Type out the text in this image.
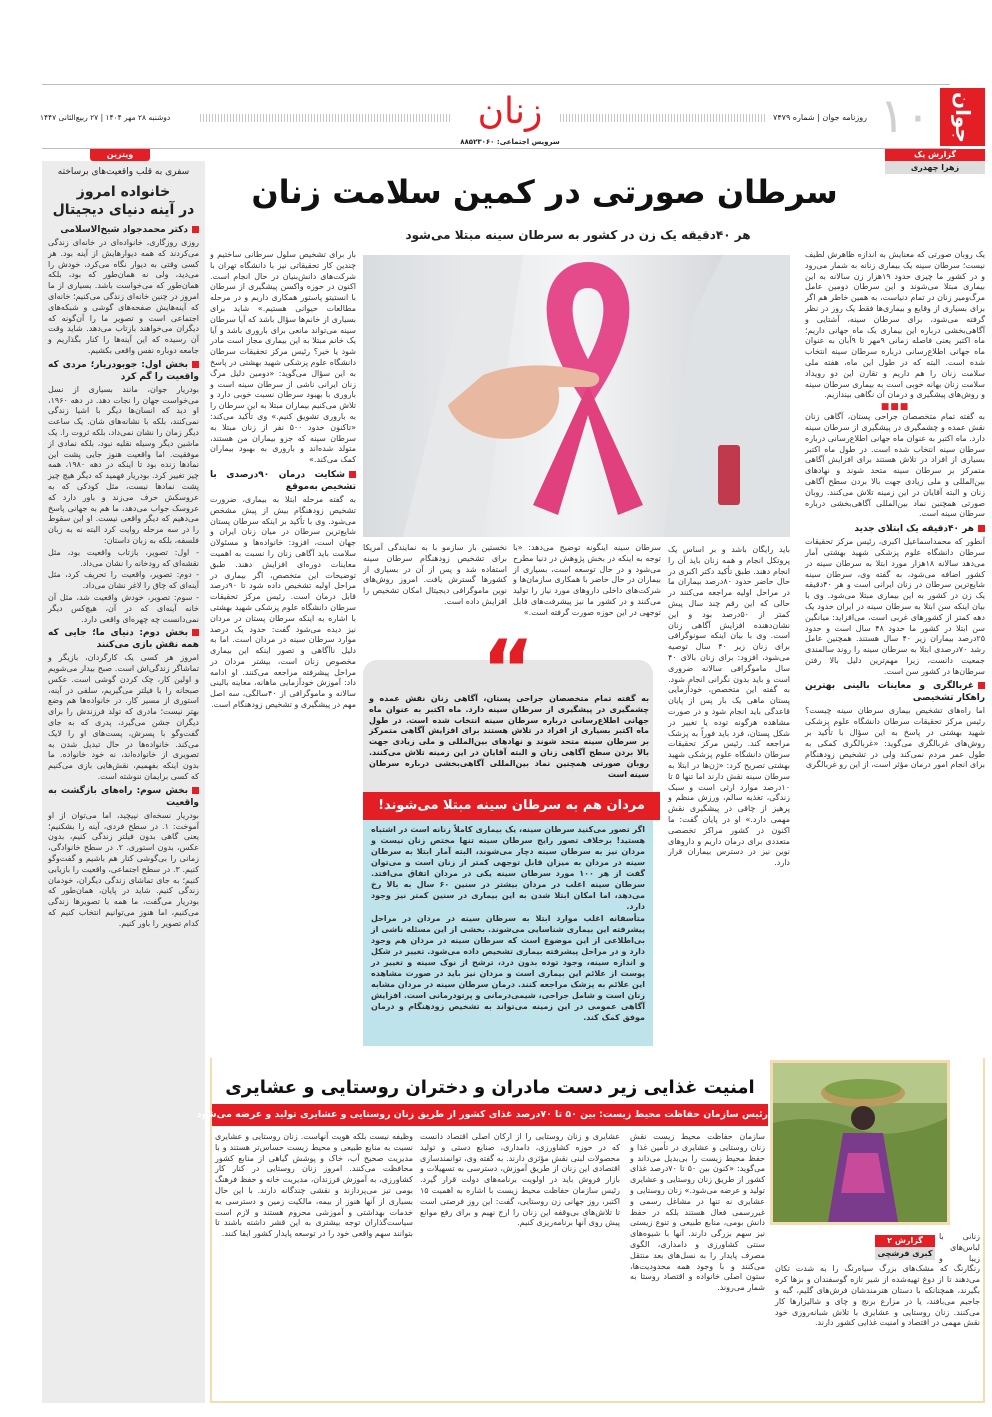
جوان
۱۰
روزنامه جوان | شماره ۷۴۷۹
زنان
سرویس اجتماعی: ۸۸۵۲۳۰۶۰
دوشنبه ۲۸ مهر ۱۴۰۴ | ۲۷ ربیع‌الثانی ۱۴۴۷
ویترین
سفری به قلب واقعیت‌های برساخته
خانواده امروز
در آینه دنیای دیجیتال
دکتر محمدجواد شیخ‌الاسلامی

روزی روزگاری، خانواده‌ای در خانه‌ای زندگی می‌کردند که همه دیوارهایش از آینه بود. هر کسی وقتی به دیوار نگاه می‌کرد، خودش را می‌دید، ولی نه همان‌طور که بود، بلکه همان‌طور که می‌خواست باشد. بسیاری از ما امروز در چنین خانه‌ای زندگی می‌کنیم؛ خانه‌ای که آینه‌هایش صفحه‌های گوشی و شبکه‌های اجتماعی است و تصویر ما را آن‌گونه که دیگران می‌خواهند بازتاب می‌دهد. شاید وقت آن رسیده که این آینه‌ها را کنار بگذاریم و جامعه دوباره نفس واقعی بکشیم.

بخش اول: جوبودریار؛ مردی که واقعیت را گم کرد

بودریار جوان، مانند بسیاری از نسل می‌خواست جهان را نجات دهد. در دهه ۱۹۶۰، او دید که انسان‌ها دیگر با اشیا زندگی نمی‌کنند، بلکه با نشانه‌های شان. یک ساعت دیگر زمان را نشان نمی‌داد، بلکه ثروت را. یک ماشین دیگر وسیله نقلیه نبود، بلکه نمادی از موفقیت. اما واقعیت هنوز جایی پشت این نمادها زنده بود تا اینکه در دهه ۱۹۸۰، همه چیز تغییر کرد. بودریار فهمید که دیگر هیچ چیز پشت نمادها نیست، مثل کودکی که به عروسکش حرف می‌زند و باور دارد که عروسک جواب می‌دهد، ما هم به جهانی پاسخ می‌دهیم که دیگر واقعی نیست. او این سقوط را در سه مرحله روایت کرد البته نه به زبان فلسفه، بلکه به زبان داستان:

- اول: تصویر، بازتاب واقعیت بود، مثل نقشه‌ای که رودخانه را نشان می‌داد.

- دوم: تصویر، واقعیت را تحریف کرد، مثل آینه‌ای که چاق را لاغر نشان می‌داد.

- سوم: تصویر، خودش واقعیت شد، مثل آن خانه آینه‌ای که در آن، هیچ‌کس دیگر نمی‌دانست چه چهره‌ای واقعی دارد.

بخش دوم: دنیای ما؛ جایی که همه نقش بازی می‌کنند

امروز هر کسی یک کارگردان، بازیگر و تماشاگر زندگی‌اش است. صبح بیدار می‌شویم و اولین کار، چک کردن گوشی است. عکس صبحانه را با فیلتر می‌گیریم، سلفی در آینه، استوری از مسیر کار. در خانواده‌ها هم وضع بهتر نیست؛ مادری که تولد فرزندش را برای دیگران جشن می‌گیرد، پدری که به جای گفت‌وگو با پسرش، پست‌های او را لایک می‌کند. خانواده‌ها در حال تبدیل شدن به تصویری از خانواده‌اند، نه خود خانواده. ما بدون اینکه بفهمیم، نقش‌هایی بازی می‌کنیم که کسی برایمان ننوشته است.

بخش سوم: راه‌های بازگشت به واقعیت

بودریار نسخه‌ای نپیچید، اما می‌توان از او آموخت: ۱. در سطح فردی، آینه را بشکنیم؛ یعنی گاهی بدون فیلتر زندگی کنیم، بدون عکس، بدون استوری. ۲. در سطح خانوادگی، زمانی را بی‌گوشی کنار هم باشیم و گفت‌وگو کنیم. ۳. در سطح اجتماعی، واقعیت را بازیابی کنیم؛ به جای تماشای زندگی دیگران، خودمان زندگی کنیم. شاید در پایان، همان‌طور که بودریار می‌گفت، ما همه با تصویرها زندگی می‌کنیم، اما هنوز می‌توانیم انتخاب کنیم که کدام تصویر را باور کنیم.

گزارش یک
زهرا چهدری
سرطان صورتی در کمین سلامت زنان
هر ۴۰دقیقه یک زن در کشور به سرطان سینه مبتلا می‌شود

یک روبان صورتی که معنایش به اندازه ظاهرش لطیف نیست؛ سرطان سینه یک بیماری زنانه به شمار می‌رود و در کشور ما چیزی حدود ۱۹هزار زن سالانه به این بیماری مبتلا می‌شوند و این سرطان دومین عامل مرگ‌ومیر زنان در تمام دنیاست، به همین خاطر هم اگر برای بسیاری از وقایع و بیماری‌ها فقط یک روز در نظر گرفته می‌شود، برای سرطان سینه، آشتایی و آگاهی‌بخشی درباره این بیماری یک ماه جهانی داریم؛ ماه اکتبر یعنی فاصله زمانی ۹مهر تا ۹آبان به عنوان ماه جهانی اطلاع‌رسانی درباره سرطان سینه انتخاب شده است. البته که در طول این ماه، هفته ملی سلامت زنان را هم داریم و تقارن این دو رویداد سلامت زنان بهانه خوبی است به بیماری سرطان سینه و روش‌های پیشگیری و درمان آن نگاهی بیندازیم.

■■■

به گفته تمام متخصصان جراحی پستان، آگاهی زنان نقش عمده و چشمگیری در پیشگیری از سرطان سینه دارد. ماه اکتبر به عنوان ماه جهانی اطلاع‌رسانی درباره سرطان سینه انتخاب شده است. در طول ماه اکتبر بسیاری از افراد در تلاش هستند برای افزایش آگاهی متمرکز بر سرطان سینه متحد شوند و نهادهای بین‌المللی و ملی زیادی جهت بالا بردن سطح آگاهی زنان و البته آقایان در این زمینه تلاش می‌کنند. روبان صورتی همچنین نماد بین‌المللی آگاهی‌بخشی درباره سرطان سینه است.

هر ۴۰دقیقه یک ابتلای جدید

آنطور که محمداسماعیل اکبری، رئیس مرکز تحقیقات سرطان دانشگاه علوم پزشکی شهید بهشتی آمار می‌دهد سالانه ۱۸هزار مورد ابتلا به سرطان سینه در کشور اضافه می‌شود، به گفته وی، سرطان سینه شایع‌ترین سرطان در زنان ایرانی است و هر ۴۰دقیقه یک زن در کشور به این بیماری مبتلا می‌شود. وی با بیان اینکه سن ابتلا به سرطان سینه در ایران حدود یک دهه کمتر از کشورهای غربی است، می‌افزاید: میانگین سن ابتلا در کشور ما حدود ۴۸ سال است و حدود ۲۵درصد بیماران زیر ۴۰ سال هستند. همچنین عامل رشد ۷۰درصدی ابتلا به سرطان سینه را روند سالمندی جمعیت دانست، زیرا مهم‌ترین دلیل بالا رفتن سرطان‌ها در کشور سن است.

غربالگری و معاینات بالینی بهترین راهکار تشخیصی

اما راه‌های تشخیص بیماری سرطان سینه چیست؟ رئیس مرکز تحقیقات سرطان دانشگاه علوم پزشکی شهید بهشتی در پاسخ به این سؤال با تأکید بر روش‌های غربالگری می‌گوید: «غربالگری کمکی به طول عمر مردم نمی‌کند ولی در تشخیص زودهنگام برای انجام امور درمان مؤثر است، از این رو غربالگری

بار برای تشخیص سلول سرطانی ساختیم و چندین کار تحقیقاتی نیز با دانشگاه تهران با شرکت‌های دانش‌بنیان در حال انجام است. اکنون در حوزه واکسن پیشگیری از سرطان با انستیتو پاستور همکاری داریم و در مرحله مطالعات حیوانی هستیم.» شاید برای بسیاری از خانم‌ها سؤال باشد که آیا سرطان سینه می‌تواند مانعی برای باروری باشد و آیا یک خانم مبتلا به این بیماری مجاز است مادر شود یا خیر؟ رئیس مرکز تحقیقات سرطان دانشگاه علوم پزشکی شهید بهشتی در پاسخ به این سؤال می‌گوید: «دومین دلیل مرگ زنان ایرانی ناشی از سرطان سینه است و باروری با بهبود سرطان نسبت خوبی دارد و تلاش می‌کنیم بیماران مبتلا به این سرطان را به باروری تشویق کنیم.» وی تأکید می‌کند: «تاکنون حدود ۵۰۰ نفر از زنان مبتلا به سرطان سینه که جزو بیماران من هستند، متولد شده‌اند و باروری به بهبود بیماران کمک می‌کند.»

شکایت درمان ۹۰درصدی با تشخیص به‌موقع

به گفته مرحله ابتلا به بیماری، ضرورت تشخیص زودهنگام بیش از پیش مشخص می‌شود. وی با تأکید بر اینکه سرطان پستان شایع‌ترین سرطان در میان زنان ایران و جهان است، افزود: خانواده‌ها و مسئولان سلامت باید آگاهی زنان را نسبت به اهمیت معاینات دوره‌ای افزایش دهند. طبق توضیحات این متخصص، اگر بیماری در مراحل اولیه تشخیص داده شود تا ۹۰درصد قابل درمان است. رئیس مرکز تحقیقات سرطان دانشگاه علوم پزشکی شهید بهشتی با اشاره به اینکه سرطان پستان در مردان نیز دیده می‌شود گفت: حدود یک درصد موارد سرطان سینه در مردان است. اما به دلیل ناآگاهی و تصور اینکه این بیماری مخصوص زنان است، بیشتر مردان در مراحل پیشرفته مراجعه می‌کنند. او ادامه داد: آموزش خودآزمایی ماهانه، معاینه بالینی سالانه و ماموگرافی از ۴۰سالگی، سه اصل مهم در پیشگیری و تشخیص زودهنگام است.

باید رایگان باشد و بر اساس یک پروتکل انجام و همه زنان باید آن را انجام دهند. طبق تأکید دکتر اکبری در حال حاضر حدود ۸۰درصد بیماران ما در مراحل اولیه مراجعه می‌کنند در حالی که این رقم چند سال پیش کمتر از ۵۰درصد بود و این نشان‌دهنده افزایش آگاهی زنان است. وی با بیان اینکه سونوگرافی برای زنان زیر ۴۰ سال توصیه می‌شود، افزود: برای زنان بالای ۴۰ سال ماموگرافی سالانه ضروری است و باید بدون نگرانی انجام شود. به گفته این متخصص، خودآزمایی پستان ماهی یک بار پس از پایان قاعدگی باید انجام شود و در صورت مشاهده هرگونه توده یا تغییر در شکل پستان، فرد باید فوراً به پزشک مراجعه کند. رئیس مرکز تحقیقات سرطان دانشگاه علوم پزشکی شهید بهشتی تصریح کرد: «ژن‌ها در ابتلا به سرطان سینه نقش دارند اما تنها ۵ تا ۱۰درصد موارد ارثی است و سبک زندگی، تغذیه سالم، ورزش منظم و پرهیز از چاقی در پیشگیری نقش مهمی دارد.» او در پایان گفت: ما اکنون در کشور مراکز تخصصی متعددی برای درمان داریم و داروهای نوین نیز در دسترس بیماران قرار دارد.

سرطان سینه اینگونه توضیح می‌دهد: «با توجه به اینکه در بخش پژوهش در دنیا مطرح می‌شود و در حال توسعه است، بسیاری از بیماران در حال حاضر با همکاری سازمان‌ها و شرکت‌های داخلی داروهای مورد نیاز را تولید می‌کنند و در کشور ما نیز پیشرفت‌های قابل توجهی در این حوزه صورت گرفته است.»

نخستین بار سازمو با به نمایندگی آمریکا برای تشخیص زودهنگام سرطان سینه استفاده شد و پس از آن در بسیاری از کشورها گسترش یافت. امروز روش‌های نوین ماموگرافی دیجیتال امکان تشخیص را افزایش داده است.

“
به گفته تمام متخصصان جراحی پستان، آگاهی زنان نقش عمده و چشمگیری در پیشگیری از سرطان سینه دارد. ماه اکتبر به عنوان ماه جهانی اطلاع‌رسانی درباره سرطان سینه انتخاب شده است. در طول ماه اکتبر بسیاری از افراد در تلاش هستند برای افزایش آگاهی متمرکز بر سرطان سینه متحد شوند و نهادهای بین‌المللی و ملی زیادی جهت بالا بردن سطح آگاهی زنان و البته آقایان در این زمینه تلاش می‌کنند. روبان صورتی همچنین نماد بین‌المللی آگاهی‌بخشی درباره سرطان سینه است
مردان هم به سرطان سینه مبتلا می‌شوند!

اگر تصور می‌کنید سرطان سینه، یک بیماری کاملاً زنانه است در اشتباه هستید! برخلاف تصور رایج سرطان سینه تنها مختص زنان نیست و مردان نیز به سرطان سینه دچار می‌شوند، البته آمار ابتلا به سرطان سینه در مردان به میزان قابل توجهی کمتر از زنان است و می‌توان گفت از هر ۱۰۰ مورد سرطان سینه یکی در مردان اتفاق می‌افتد. سرطان سینه اغلب در مردان بیشتر در سنین ۶۰ سال به بالا رخ می‌دهد، اما امکان ابتلا شدن به این بیماری در سنین کمتر نیز وجود دارد.

متأسفانه اغلب موارد ابتلا به سرطان سینه در مردان در مراحل پیشرفته این بیماری شناسایی می‌شوند. بخشی از این مسئله ناشی از بی‌اطلاعی از این موضوع است که سرطان سینه در مردان هم وجود دارد و در مراحل پیشرفته بیماری تشخیص داده می‌شود. تغییر در شکل و اندازه سینه، وجود توده بدون درد، ترشح از نوک سینه و تغییر در پوست از علائم این بیماری است و مردان نیز باید در صورت مشاهده این علائم به پزشک مراجعه کنند. درمان سرطان سینه در مردان مشابه زنان است و شامل جراحی، شیمی‌درمانی و پرتودرمانی است. افزایش آگاهی عمومی در این زمینه می‌تواند به تشخیص زودهنگام و درمان موفق کمک کند.

امنیت غذایی زیر دست مادران و دختران روستایی و عشایری
رئیس سازمان حفاظت محیط زیست: بین ۵۰ تا ۷۰درصد غذای کشور از طریق زنان روستایی و عشایری تولید و عرضه می‌شود

سازمان حفاظت محیط زیست نقش زنان روستایی و عشایری در تأمین غذا و حفظ محیط زیست را بی‌بدیل می‌داند و می‌گوید: «کنون بین ۵۰ تا ۷۰درصد غذای کشور از طریق زنان روستایی و عشایری تولید و عرضه می‌شود.» زنان روستایی و عشایری نه تنها در مشاغل رسمی و غیررسمی فعال هستند بلکه در حفظ دانش بومی، منابع طبیعی و تنوع زیستی نیز سهم بزرگی دارند. آنها با شیوه‌های سنتی کشاورزی و دامداری، الگوی مصرف پایدار را به نسل‌های بعد منتقل می‌کنند و با وجود همه محدودیت‌ها، ستون اصلی خانواده و اقتصاد روستا به شمار می‌روند.

عشایری و زنان روستایی را از ارکان اصلی اقتصاد دانست که در حوزه کشاورزی، دامداری، صنایع دستی و تولید محصولات لبنی نقش مؤثری دارند. به گفته وی، توانمندسازی اقتصادی این زنان از طریق آموزش، دسترسی به تسهیلات و بازار فروش باید در اولویت برنامه‌های دولت قرار گیرد. رئیس سازمان حفاظت محیط زیست با اشاره به اهمیت ۱۵ اکتبر، روز جهانی زن روستایی، گفت: این روز فرصتی است تا تلاش‌های بی‌وقفه این زنان را ارج نهیم و برای رفع موانع پیش روی آنها برنامه‌ریزی کنیم.

وظیفه نیست بلکه هویت آنهاست. زنان روستایی و عشایری نسبت به منابع طبیعی و محیط زیست حساس‌تر هستند و با مدیریت صحیح آب، خاک و پوشش گیاهی از منابع کشور محافظت می‌کنند. امروز زنان روستایی در کنار کار کشاورزی، به آموزش فرزندان، مدیریت خانه و حفظ فرهنگ بومی نیز می‌پردازند و نقشی چندگانه دارند. با این حال بسیاری از آنها هنوز از بیمه، مالکیت زمین و دسترسی به خدمات بهداشتی و آموزشی محروم هستند و لازم است سیاست‌گذاران توجه بیشتری به این قشر داشته باشند تا بتوانند سهم واقعی خود را در توسعه پایدار کشور ایفا کنند.

گزارش ۲
کبری فرشچی

زنانی با لباس‌های زیبا و رنگارنگ که مشک‌های بزرگ سیاه‌رنگ را به شدت تکان می‌دهند تا از دوغ تهیه‌شده از شیر تازه گوسفندان و بزها کره بگیرند، همچنانکه با دستان هنرمندشان فرش‌های گلیم، گبه و جاجیم می‌بافند، یا در مزارع برنج و چای و شالیزارها کار می‌کنند. زنان روستایی و عشایری با تلاش شبانه‌روزی خود نقش مهمی در اقتصاد و امنیت غذایی کشور دارند.
